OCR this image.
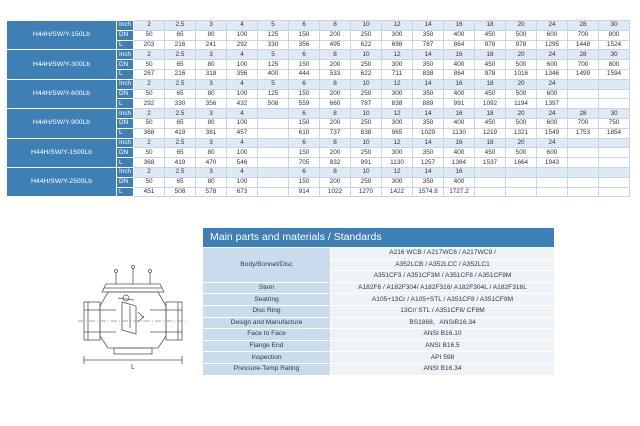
H44H/SW/Y-150Lb	Inch	2	2.5	3	4	5	6	8	10	12	14	16	18	20	24	28	30
	DN	50	65	80	100	125	150	200	250	300	350	400	450	500	600	700	800
	L	203	216	241	292	330	356	495	622	698	787	864	978	978	1295	1448	1524
H44H/SW/Y-300Lb	Inch	2	2.5	3	4	5	6	8	10	12	14	16	18	20	24	28	30
	DN	50	65	80	100	125	150	200	250	300	350	400	450	500	600	700	800
	L	267	216	318	356	400	444	533	622	711	838	864	978	1016	1346	1499	1594
H44H/SW/Y-600Lb	Inch	2	2.5	3	4	5	6	8	10	12	14	16	18	20	24		
	DN	50	65	80	100	125	150	200	250	300	350	400	450	500	600		
	L	292	330	356	432	508	559	660	787	838	889	991	1092	1194	1397		
H44H/SW/Y-900Lb	Inch	2	2.5	3	4		6	8	10	12	14	16	18	20	24	28	30
	DN	50	65	80	100		150	200	250	300	350	400	450	500	600	700	750
	L	368	419	381	457		610	737	838	965	1029	1130	1219	1321	1549	1753	1854
H44H/SW/Y-1500Lb	Inch	2	2.5	3	4		6	8	10	12	14	16	18	20	24		
	DN	50	65	80	100		150	200	250	300	350	400	450	500	600		
	L	368	419	470	546		705	832	991	1130	1257	1384	1537	1664	1943		
H44H/SW/Y-2500Lb	Inch	2	2.5	3	4		6	8	10	12	14	16					
	DN	50	65	80	100		150	200	250	300	350	400					
	L	451	508	578	673		914	1022	1270	1422	1574.8	1727.2					
L
Main parts and materials / Standards
Body/Bonnet/Disc	A216 WCB / A217WC6 / A217WC9 /
	A352LCB / A352LCC / A352LC1
	A351CF3 / A351CF3M / A351CF8 / A351CF8M
Stem	A182F6 / A182F304/ A182F316/ A182F304L / A182F316L
Seatring	A105+13Cr / A105+STL / A351CF8 / A351CF8M
Disc Ring	13Cr/ STL / A351CF8/ CF8M
Design and Manufacture	BS1868、ANSIB16.34
Face to Face	ANSI B16.10
Flange End	ANSI B16.5
Inspection	API 598
Pressure-Temp Rating	ANSI B16.34
